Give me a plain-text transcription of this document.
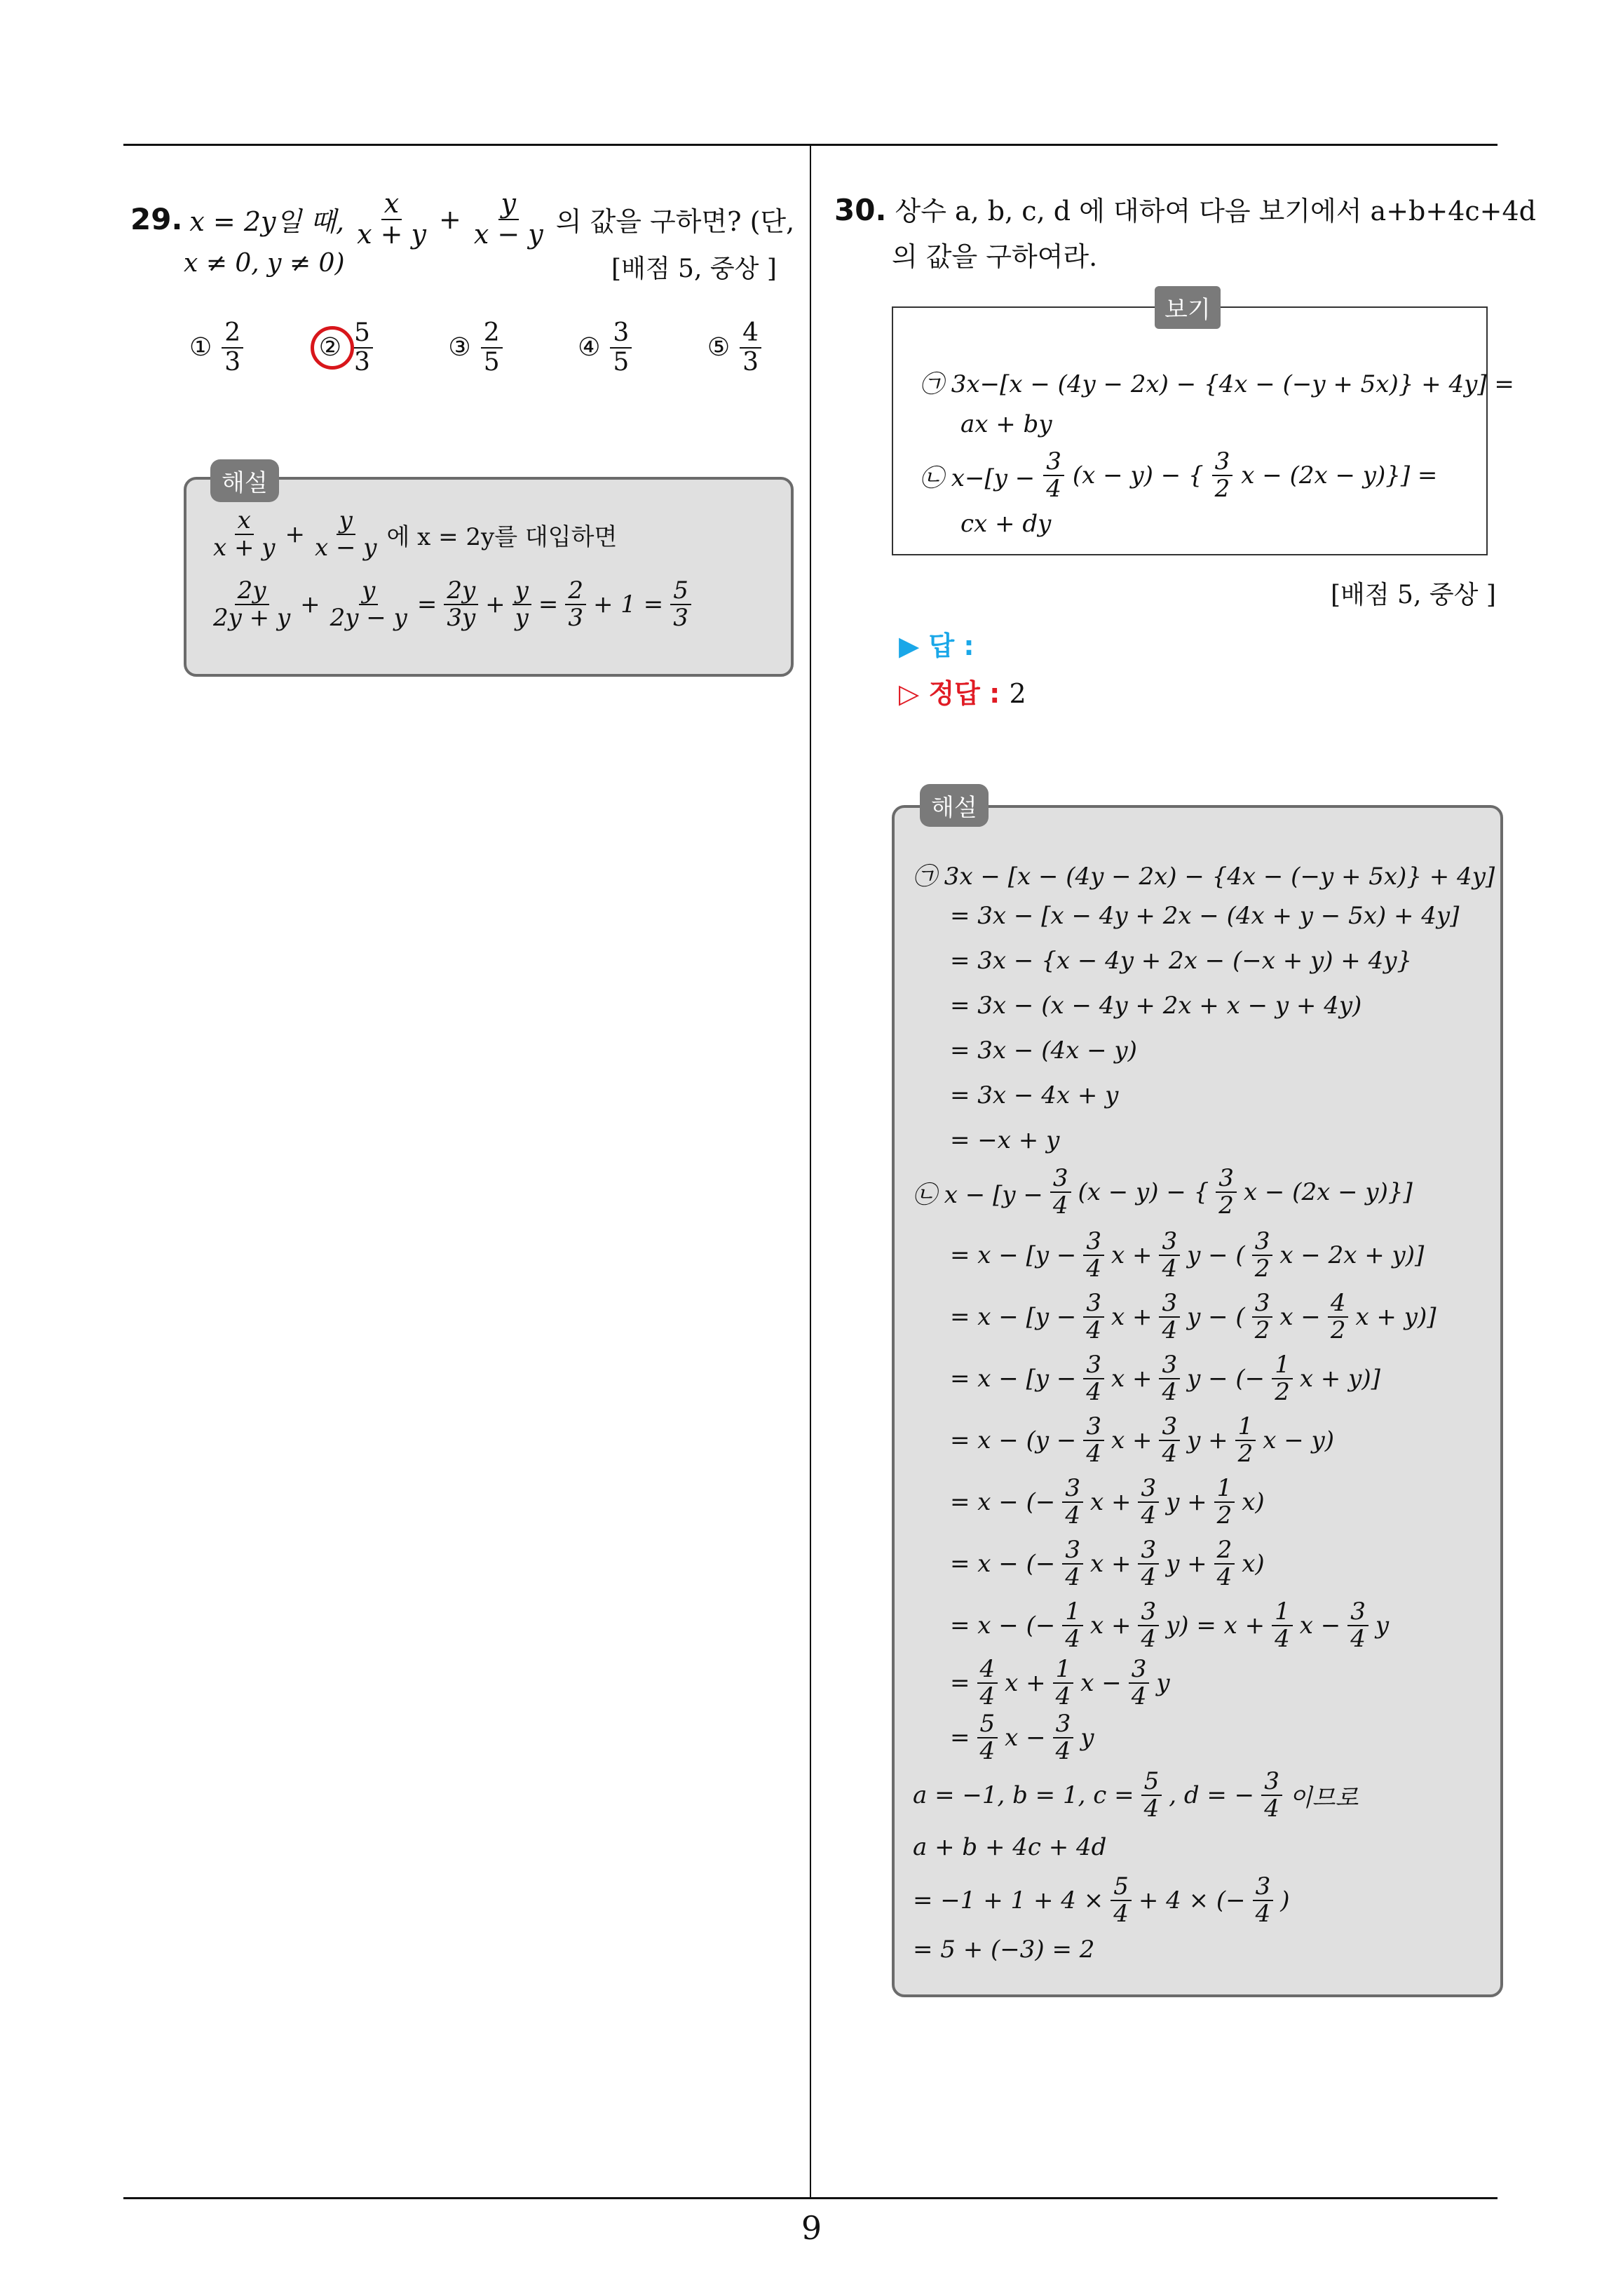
9
29. x = 2y일 때, $\frac{x}{x + y} + \frac{y}{x - y}$ 의 값을 구하면? (단,
x ≠ 0, y ≠ 0)	[배점 5, 중상 ]
① $\frac{2}{3}$	② $\frac{5}{3}$	③ $\frac{2}{5}$	④ $\frac{3}{5}$	⑤ $\frac{4}{3}$
$\frac{x}{x + y} + \frac{y}{x - y}$ 에 x = 2y를 대입하면
$\frac{2y}{2y + y} + \frac{y}{2y - y} = \frac{2y}{3y} + \frac{y}{y} = \frac{2}{3} + 1 = \frac{5}{3}$
해설
30. 상수 a, b, c, d 에 대하여 다음 보기에서 a+b+4c+4d
의 값을 구하여라.
보기
㉠ 3x−[x − (4y − 2x) − {4x − (−y + 5x)} + 4y] =
ax + by
㉡ $x-[y - \frac{3}{4} (x - y)$ − { $\frac{3}{2}$ x − (2x − y)}] =
cx + dy
[배점 5, 중상 ]
▶ 답 :
▷ 정답 : 2
해설
㉠ 3x − [x − (4y − 2x) − {4x − (−y + 5x)} + 4y]
= 3x − [x − 4y + 2x − (4x + y − 5x) + 4y]
= 3x − {x − 4y + 2x − (−x + y) + 4y}
= 3x − (x − 4y + 2x + x − y + 4y)
= 3x − (4x − y)
= 3x − 4x + y
= −x + y
㉡ $x - [y - \frac{3}{4} (x - y)$ − { $\frac{3}{2}$ x − (2x − y)}]
= $x - [y - \frac{3}{4}$ $x + \frac{3}{4}$ y − ( $\frac{3}{2}$ x − 2x + y)]
= $x - [y - \frac{3}{4}$ $x + \frac{3}{4}$ y − ( $\frac{3}{2}$ $x - \frac{4}{2}$ x + y)]
= $x - [y - \frac{3}{4}$ $x + \frac{3}{4}$ y − (− $\frac{1}{2}$ x + y)]
= $x - (y - \frac{3}{4}$ $x + \frac{3}{4}$ $y + \frac{1}{2}$ x − y)
= x − (− $\frac{3}{4}$ $x + \frac{3}{4}$ $y + \frac{1}{2} x$)
= x − (− $\frac{3}{4}$ $x + \frac{3}{4}$ $y + \frac{2}{4} x$)
= x − (− $\frac{1}{4}$ $x + \frac{3}{4} y) = x + \frac{1}{4}$ $x - \frac{3}{4}$ y
= $\frac{4}{4}$ $x + \frac{1}{4}$ $x - \frac{3}{4}$ y
= $\frac{5}{4}$ $x - \frac{3}{4}$ y
a = −1, b = 1, $c = \frac{5}{4}$ , d = − $\frac{3}{4}$ 이므로
a + b + 4c + 4d
= $-1 + 1 + 4 \times \frac{5}{4} + 4$ × (− $\frac{3}{4}$ )
= 5 + (−3) = 2
